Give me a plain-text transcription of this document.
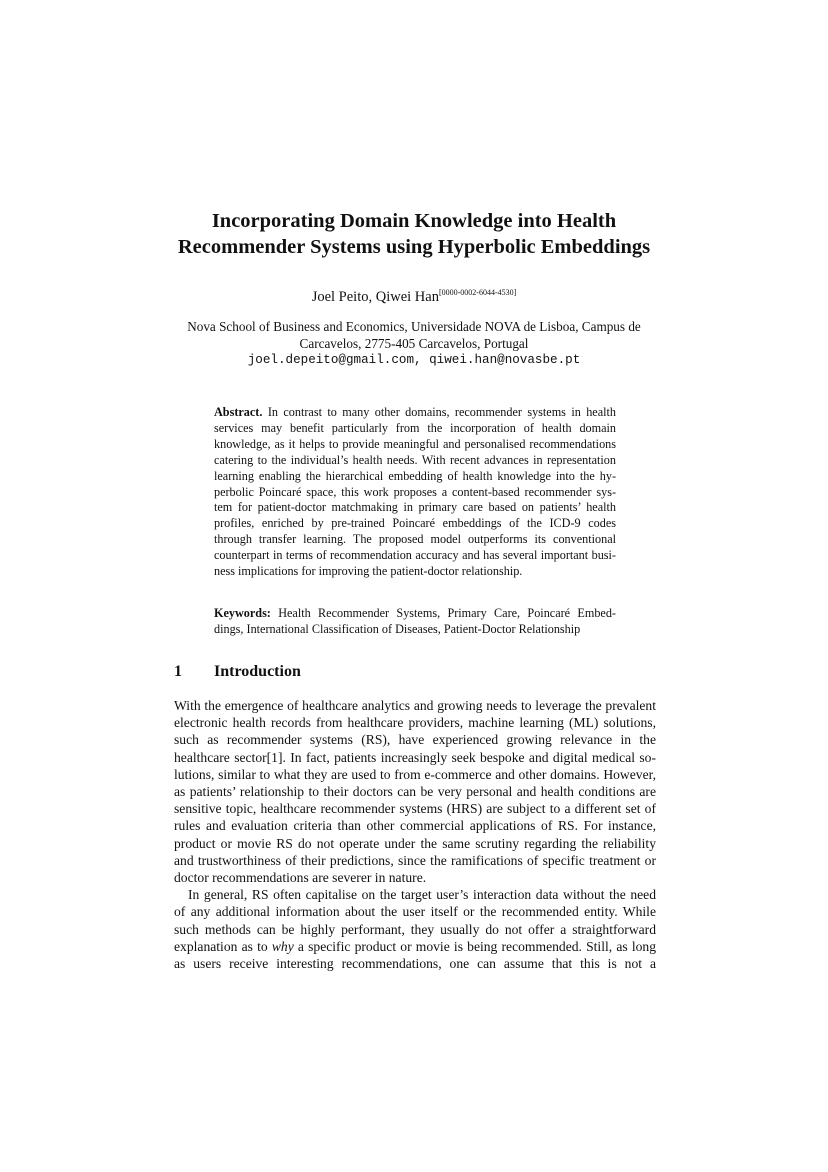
Incorporating Domain Knowledge into Health
Recommender Systems using Hyperbolic Embeddings
Joel Peito, Qiwei Han[0000-0002-6044-4530]
Nova School of Business and Economics, Universidade NOVA de Lisboa, Campus de
Carcavelos, 2775-405 Carcavelos, Portugal
joel.depeito@gmail.com, qiwei.han@novasbe.pt
Abstract. In contrast to many other domains, recommender systems in health
services may benefit particularly from the incorporation of health domain
knowledge, as it helps to provide meaningful and personalised recommendations
catering to the individual’s health needs. With recent advances in representation
learning enabling the hierarchical embedding of health knowledge into the hy-
perbolic Poincaré space, this work proposes a content-based recommender sys-
tem for patient-doctor matchmaking in primary care based on patients’ health
profiles, enriched by pre-trained Poincaré embeddings of the ICD-9 codes
through transfer learning. The proposed model outperforms its conventional
counterpart in terms of recommendation accuracy and has several important busi-
ness implications for improving the patient-doctor relationship.
Keywords: Health Recommender Systems, Primary Care, Poincaré Embed-
dings, International Classification of Diseases, Patient-Doctor Relationship
1 Introduction
With the emergence of healthcare analytics and growing needs to leverage the prevalent
electronic health records from healthcare providers, machine learning (ML) solutions,
such as recommender systems (RS), have experienced growing relevance in the
healthcare sector[1]. In fact, patients increasingly seek bespoke and digital medical so-
lutions, similar to what they are used to from e-commerce and other domains. However,
as patients’ relationship to their doctors can be very personal and health conditions are
sensitive topic, healthcare recommender systems (HRS) are subject to a different set of
rules and evaluation criteria than other commercial applications of RS. For instance,
product or movie RS do not operate under the same scrutiny regarding the reliability
and trustworthiness of their predictions, since the ramifications of specific treatment or
doctor recommendations are severer in nature.
In general, RS often capitalise on the target user’s interaction data without the need
of any additional information about the user itself or the recommended entity. While
such methods can be highly performant, they usually do not offer a straightforward
explanation as to why a specific product or movie is being recommended. Still, as long
as users receive interesting recommendations, one can assume that this is not a
